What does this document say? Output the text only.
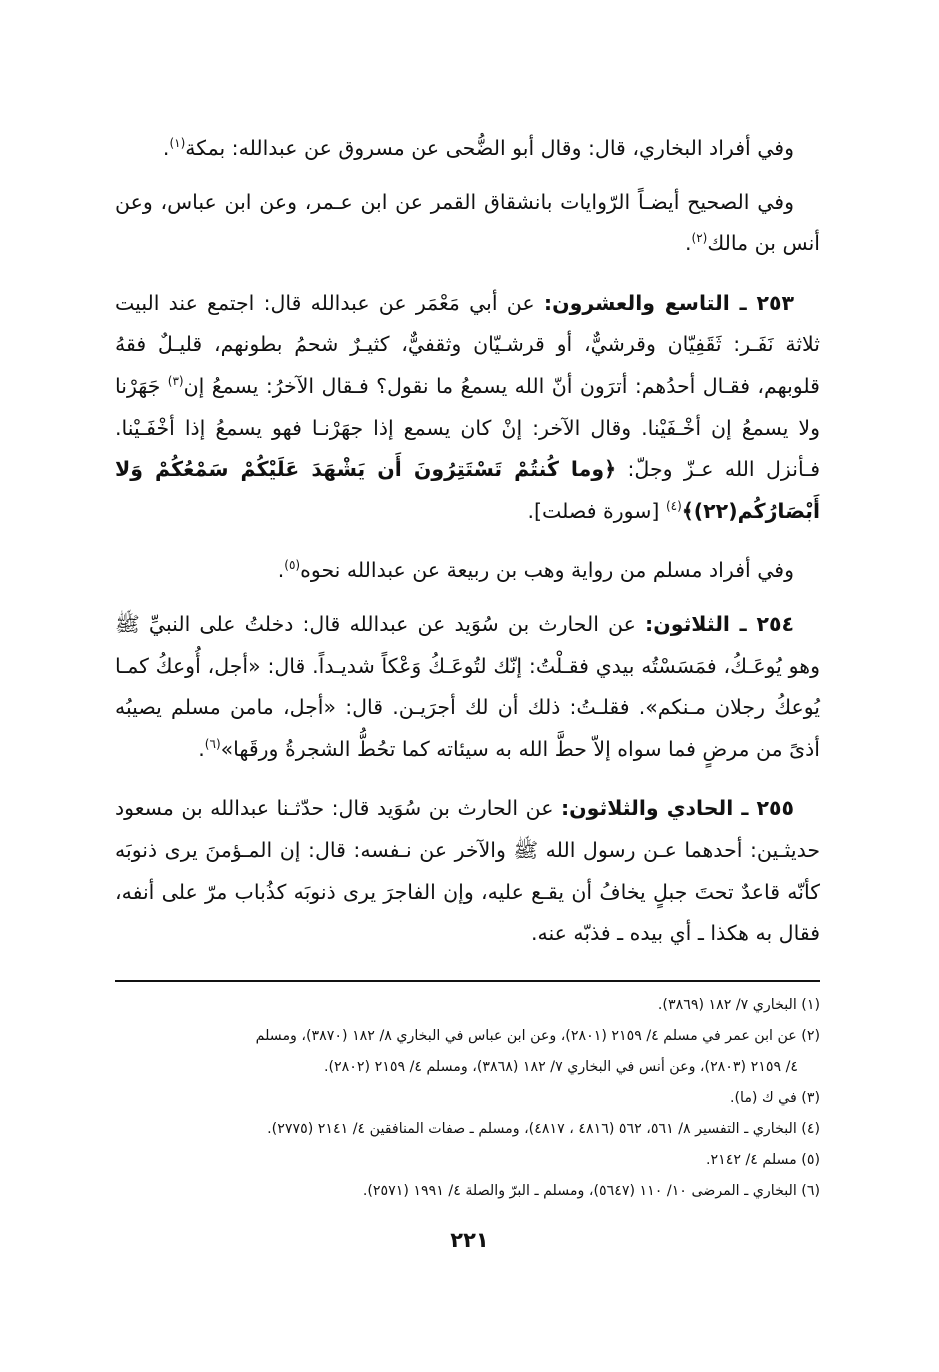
وفي أفراد البخاري، قال: وقال أبو الضُّحى عن مسروق عن عبدالله: بمكة$^{(١)}$.

وفي الصحيح أيضـاً الرّوايات بانشقاق القمر عن ابن عـمر، وعن ابن عباس، وعن أنس بن مالك$^{(٢)}$.

٢٥٣ ـ التاسع والعشرون: عن أبي مَعْمَر عن عبدالله قال: اجتمع عند البيت ثلاثة نَفَـر: ثَقَفِيّان وقرشيٌّ، أو قرشـيّان وثقفيٌّ، كثيـرٌ شحمُ بطونهم، قليـلٌ فقهُ قلوبهم، فقـال أحدُهم: أترَون أنّ الله يسمعُ ما نقول؟ فـقال الآخرُ: يسمعُ إن$^{(٣)}$ جَهَرْنا ولا يسمعُ إن أخْـفَيْنا. وقال الآخر: إنْ كان يسمع إذا جهَرْنـا فهو يسمعُ إذا أخْفَـيْنا. فـأنزل الله عـزّ وجلّ: ﴿وما كُنتُمْ تَسْتَتِرُونَ أَن يَشْهَدَ عَلَيْكُمْ سَمْعُكُمْ وَلا أَبْصَارُكُم(٢٢)﴾$^{(٤)}$ [سورة فصلت].

وفي أفراد مسلم من رواية وهب بن ربيعة عن عبدالله نحوه$^{(٥)}$.

٢٥٤ ـ الثلاثون: عن الحارث بن سُوَيد عن عبدالله قال: دخلتُ على النبيِّ ﷺ وهو يُوعَـكُ، فمَسَسْتُه بيدي فقـلْتُ: إنّك لتُوعَـكُ وَعْكاً شديـداً. قال: «أجل، أُوعكُ كمـا يُوعكُ رجلان مـنكم». فقلـتُ: ذلك أن لك أجرَيـن. قال: «أجل، مامن مسلم يصيبُه أذىً من مرضٍ فما سواه إلاّ حطَّ الله به سيئاته كما تحُطُّ الشجرةُ ورقَها»$^{(٦)}$.

٢٥٥ ـ الحادي والثلاثون: عن الحارث بن سُوَيد قال: حدّثـنا عبدالله بن مسعود حديثـين: أحدهما عـن رسول الله ﷺ والآخر عن نـفسه: قال: إن المـؤمنَ يرى ذنوبَه كأنّه قاعدٌ تحتَ جبلٍ يخافُ أن يقـع عليه، وإن الفاجرَ يرى ذنوبَه كذُباب مرّ على أنفه، فقال به هكذا ـ أي بيده ـ فذبّه عنه.

(١) البخاري ٧/ ١٨٢ (٣٨٦٩).

(٢) عن ابن عمر في مسلم ٤/ ٢١٥٩ (٢٨٠١)، وعن ابن عباس في البخاري ٨/ ١٨٢ (٣٨٧٠)، ومسلم
٤/ ٢١٥٩ (٢٨٠٣)، وعن أنس في البخاري ٧/ ١٨٢ (٣٨٦٨)، ومسلم ٤/ ٢١٥٩ (٢٨٠٢).

(٣) في ك (ما).

(٤) البخاري ـ التفسير ٨/ ٥٦١، ٥٦٢ (٤٨١٦ ، ٤٨١٧)، ومسلم ـ صفات المنافقين ٤/ ٢١٤١ (٢٧٧٥).

(٥) مسلم ٤/ ٢١٤٢.

(٦) البخاري ـ المرضى ١٠/ ١١٠ (٥٦٤٧)، ومسلم ـ البرّ والصلة ٤/ ١٩٩١ (٢٥٧١).

٢٢١
